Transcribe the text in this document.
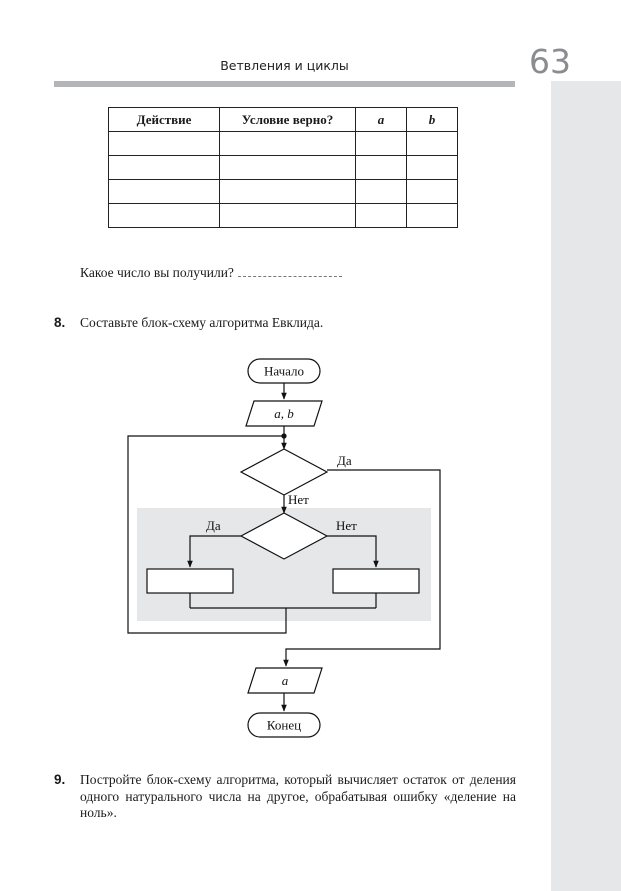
63
Ветвления и циклы
Действие	Условие верно?	a	b

Какое число вы получили?
8. Составьте блок-схему алгоритма Евклида.
Начало
a, b
Да
Нет
Да	Нет
a
Конец
9. Постройте блок-схему алгоритма, который вычисляет остаток от деления одного натурального числа на другое, обрабатывая ошибку «деление на ноль».
